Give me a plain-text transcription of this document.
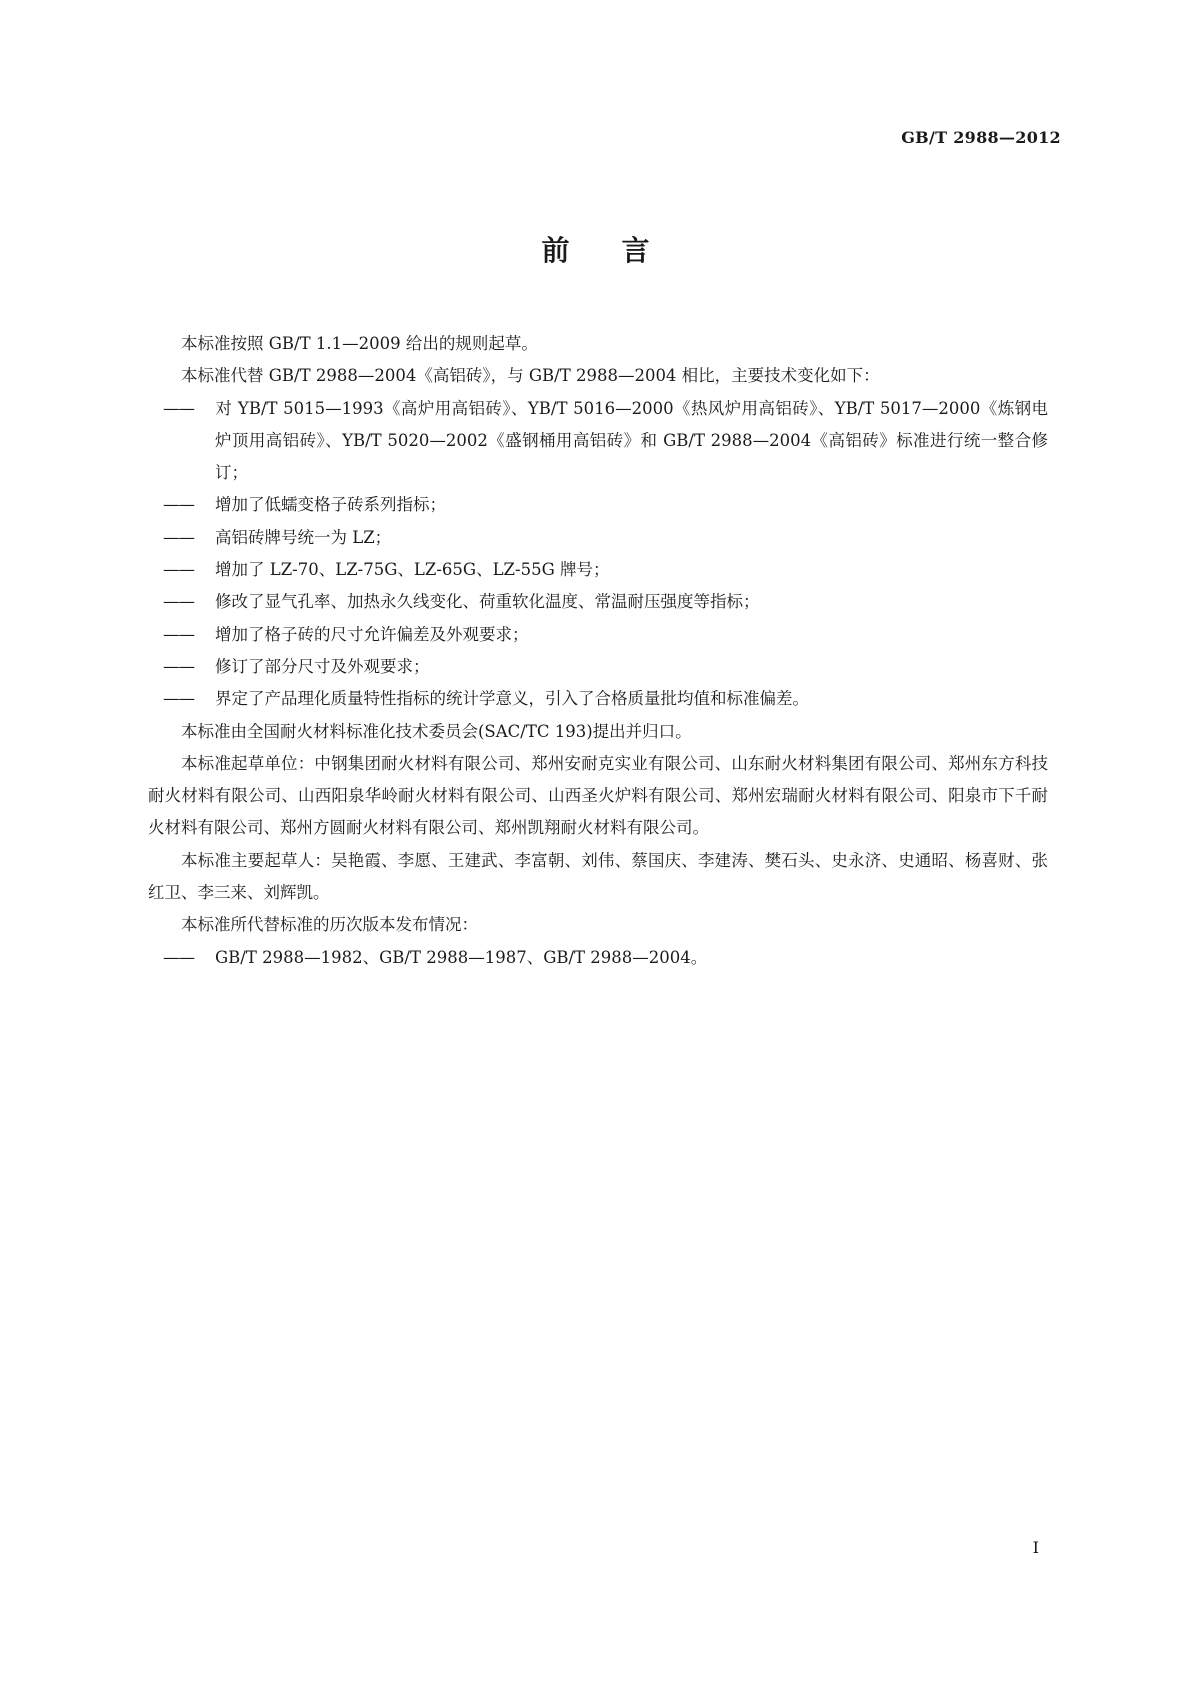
GB/T 2988—2012
前言

本标准按照 GB/T 1.1—2009 给出的规则起草。

本标准代替 GB/T 2988—2004《高铝砖》，与 GB/T 2988—2004 相比，主要技术变化如下：

—— 对 YB/T 5015—1993《高炉用高铝砖》、YB/T 5016—2000《热风炉用高铝砖》、YB/T 5017—2000《炼钢电炉顶用高铝砖》、YB/T 5020—2002《盛钢桶用高铝砖》和 GB/T 2988—2004《高铝砖》标准进行统一整合修订；

—— 增加了低蠕变格子砖系列指标；

—— 高铝砖牌号统一为 LZ；

—— 增加了 LZ-70、LZ-75G、LZ-65G、LZ-55G 牌号；

—— 修改了显气孔率、加热永久线变化、荷重软化温度、常温耐压强度等指标；

—— 增加了格子砖的尺寸允许偏差及外观要求；

—— 修订了部分尺寸及外观要求；

—— 界定了产品理化质量特性指标的统计学意义，引入了合格质量批均值和标准偏差。

本标准由全国耐火材料标准化技术委员会(SAC/TC 193)提出并归口。

本标准起草单位：中钢集团耐火材料有限公司、郑州安耐克实业有限公司、山东耐火材料集团有限公司、郑州东方科技耐火材料有限公司、山西阳泉华岭耐火材料有限公司、山西圣火炉料有限公司、郑州宏瑞耐火材料有限公司、阳泉市下千耐火材料有限公司、郑州方圆耐火材料有限公司、郑州凯翔耐火材料有限公司。

本标准主要起草人：吴艳霞、李愿、王建武、李富朝、刘伟、蔡国庆、李建涛、樊石头、史永济、史通昭、杨喜财、张红卫、李三来、刘辉凯。

本标准所代替标准的历次版本发布情况：

—— GB/T 2988—1982、GB/T 2988—1987、GB/T 2988—2004。

I
